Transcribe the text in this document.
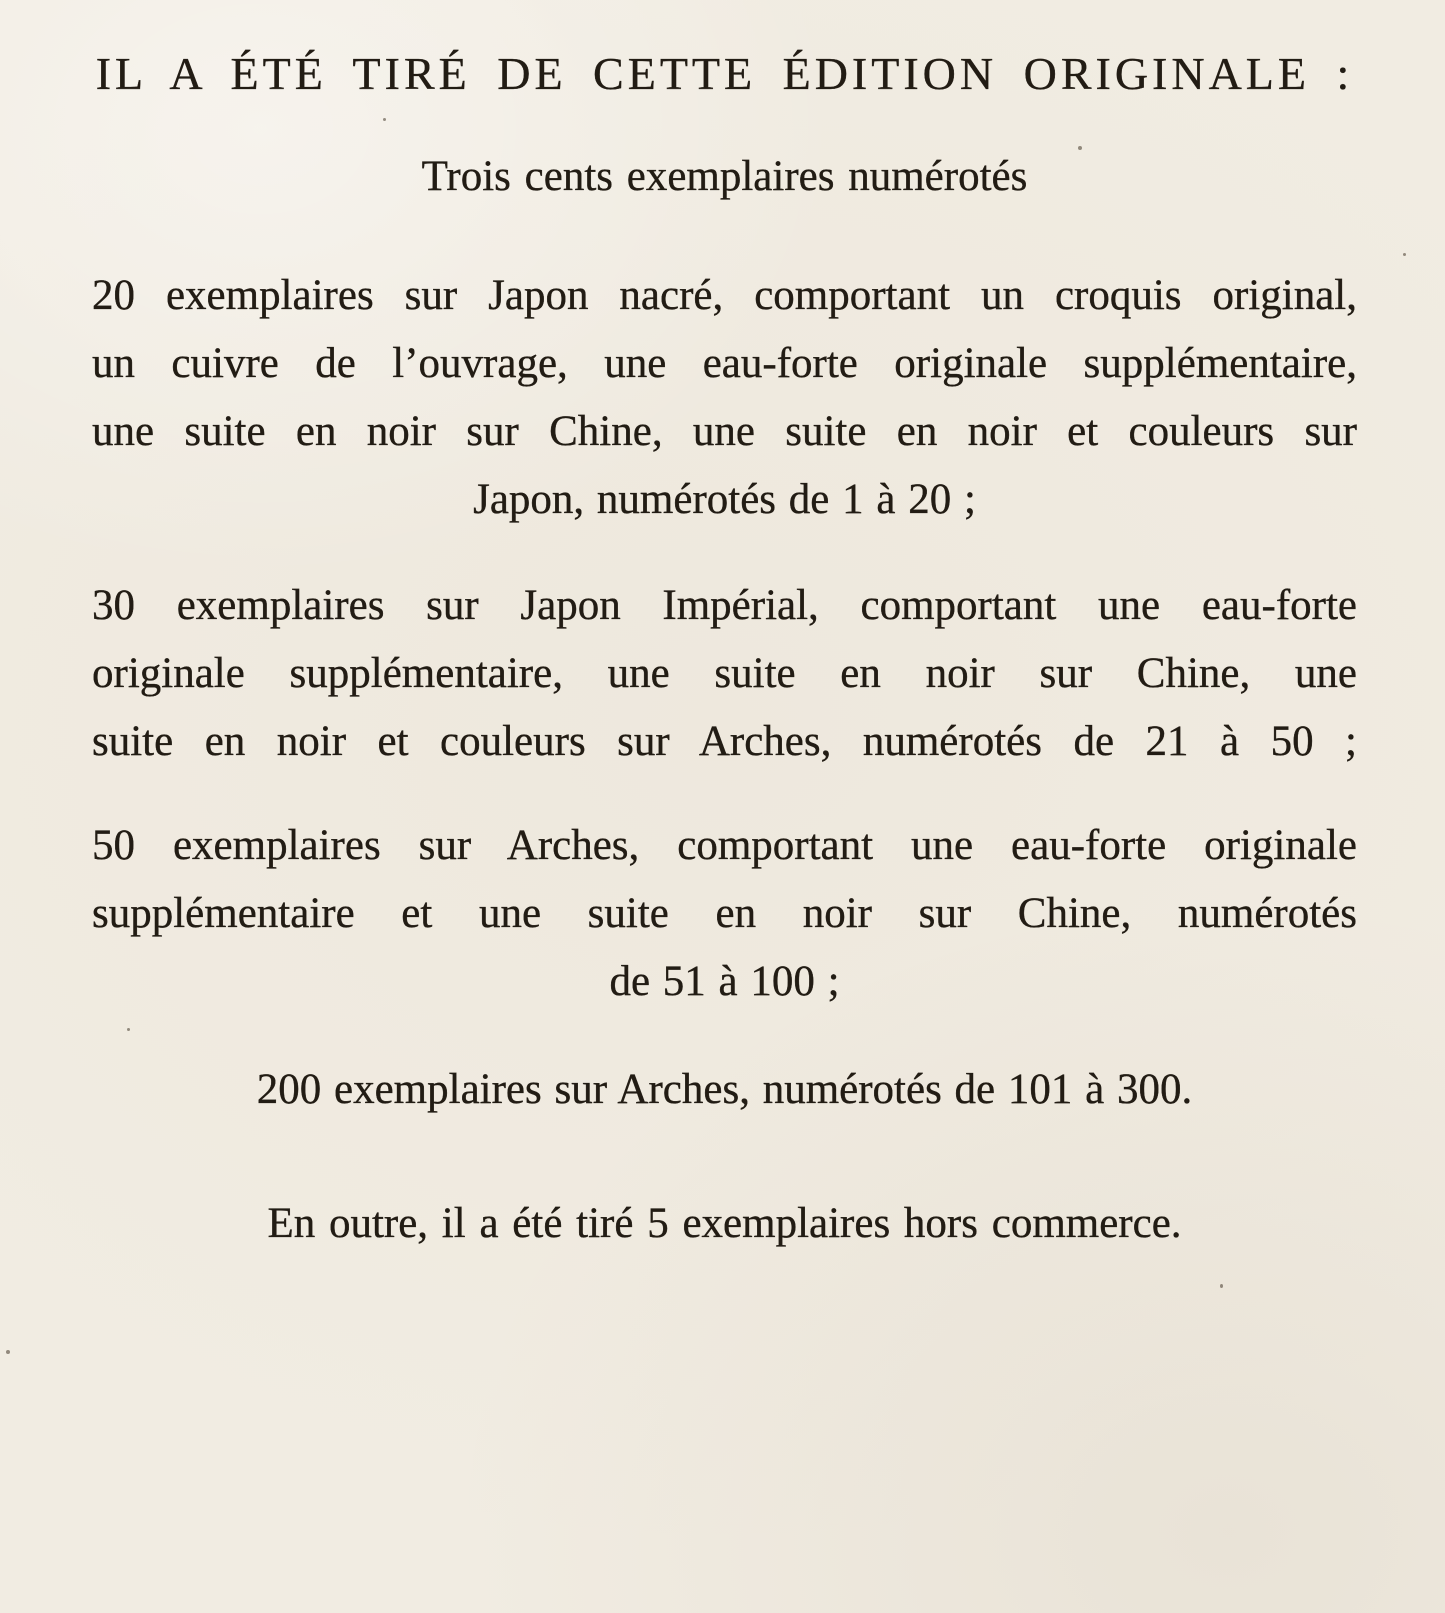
IL A ÉTÉ TIRÉ DE CETTE ÉDITION ORIGINALE :

Trois cents exemplaires numérotés

20 exemplaires sur Japon nacré, comportant un croquis original,
un cuivre de l’ouvrage, une eau-forte originale supplémentaire,
une suite en noir sur Chine, une suite en noir et couleurs sur
Japon, numérotés de 1 à 20 ;
30 exemplaires sur Japon Impérial, comportant une eau-forte
originale supplémentaire, une suite en noir sur Chine, une
suite en noir et couleurs sur Arches, numérotés de 21 à 50 ;
50 exemplaires sur Arches, comportant une eau-forte originale
supplémentaire et une suite en noir sur Chine, numérotés
de 51 à 100 ;
200 exemplaires sur Arches, numérotés de 101 à 300.

En outre, il a été tiré 5 exemplaires hors commerce.
